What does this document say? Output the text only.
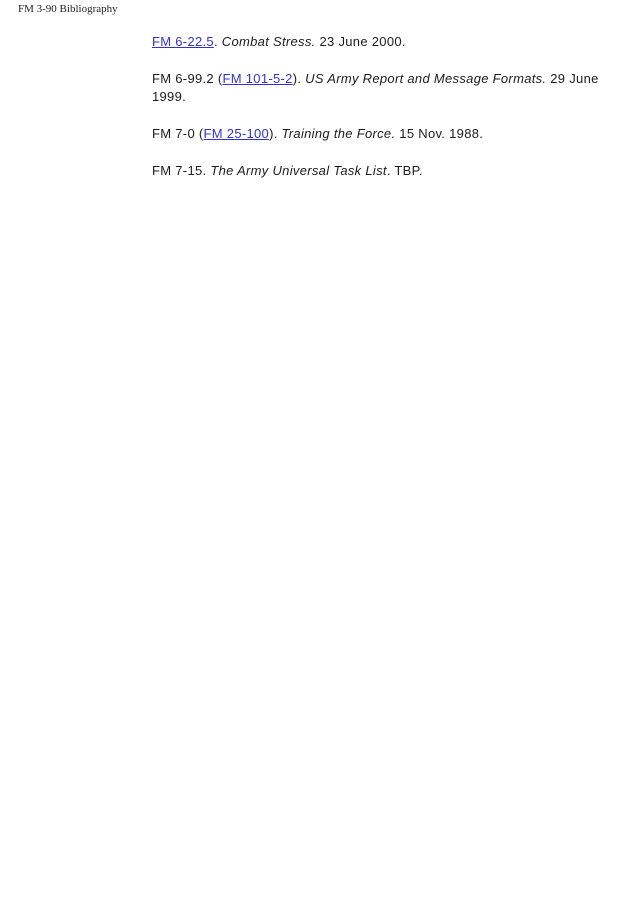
FM 3-90 Bibliography

FM 6-22.5. Combat Stress. 23 June 2000.

FM 6-99.2 (FM 101-5-2). US Army Report and Message Formats. 29 June 1999.

FM 7-0 (FM 25-100). Training the Force. 15 Nov. 1988.

FM 7-15. The Army Universal Task List. TBP.
